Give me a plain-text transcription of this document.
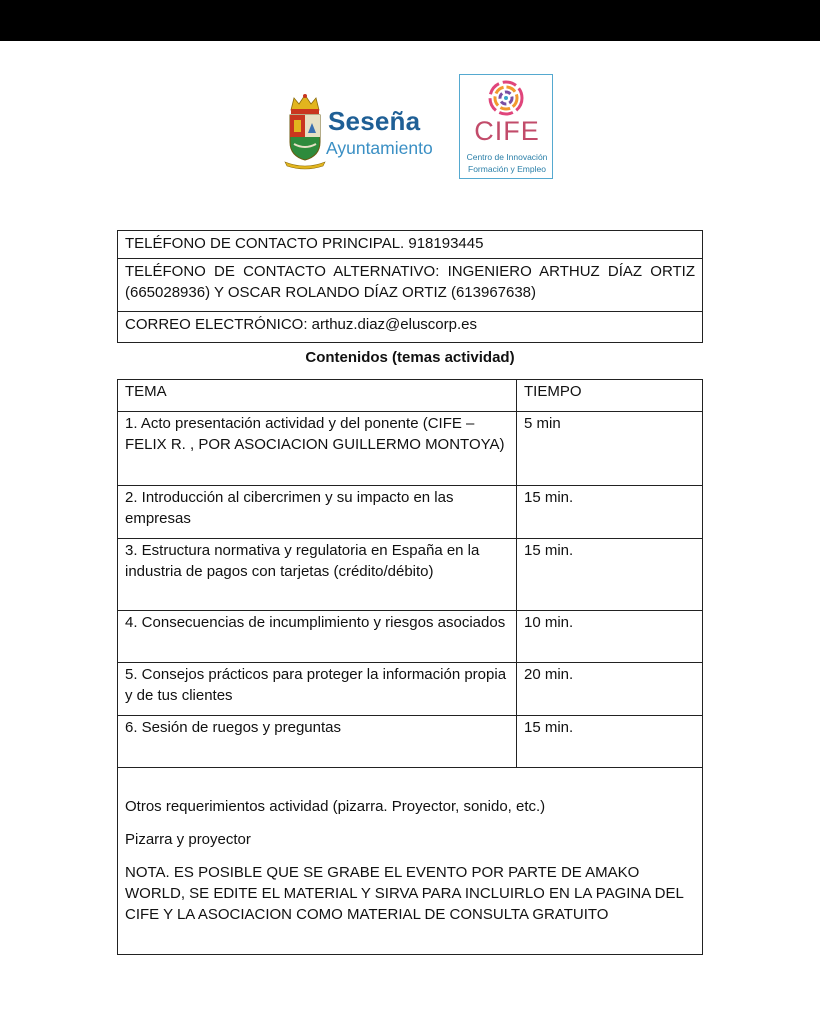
Seseña
Ayuntamiento
CIFE
Centro de Innovación
Formación y Empleo
TELÉFONO DE CONTACTO PRINCIPAL. 918193445
TELÉFONO DE CONTACTO ALTERNATIVO: INGENIERO ARTHUZ DÍAZ ORTIZ (665028936) Y OSCAR ROLANDO DÍAZ ORTIZ (613967638)
CORREO ELECTRÓNICO: arthuz.diaz@eluscorp.es
Contenidos (temas actividad)
TEMA	TIEMPO
1. Acto presentación actividad y del ponente (CIFE – FELIX R. , POR ASOCIACION GUILLERMO MONTOYA)	5 min
2. Introducción al cibercrimen y su impacto en las empresas	15 min.
3. Estructura normativa y regulatoria en España en la industria de pagos con tarjetas (crédito/débito)	15 min.
4. Consecuencias de incumplimiento y riesgos asociados	10 min.
5. Consejos prácticos para proteger la información propia y de tus clientes	20 min.
6. Sesión de ruegos y preguntas	15 min.

Otros requerimientos actividad (pizarra. Proyector, sonido, etc.)

Pizarra y proyector

NOTA. ES POSIBLE QUE SE GRABE EL EVENTO POR PARTE DE AMAKO WORLD, SE EDITE EL MATERIAL Y SIRVA PARA INCLUIRLO EN LA PAGINA DEL CIFE Y LA ASOCIACION COMO MATERIAL DE CONSULTA GRATUITO
